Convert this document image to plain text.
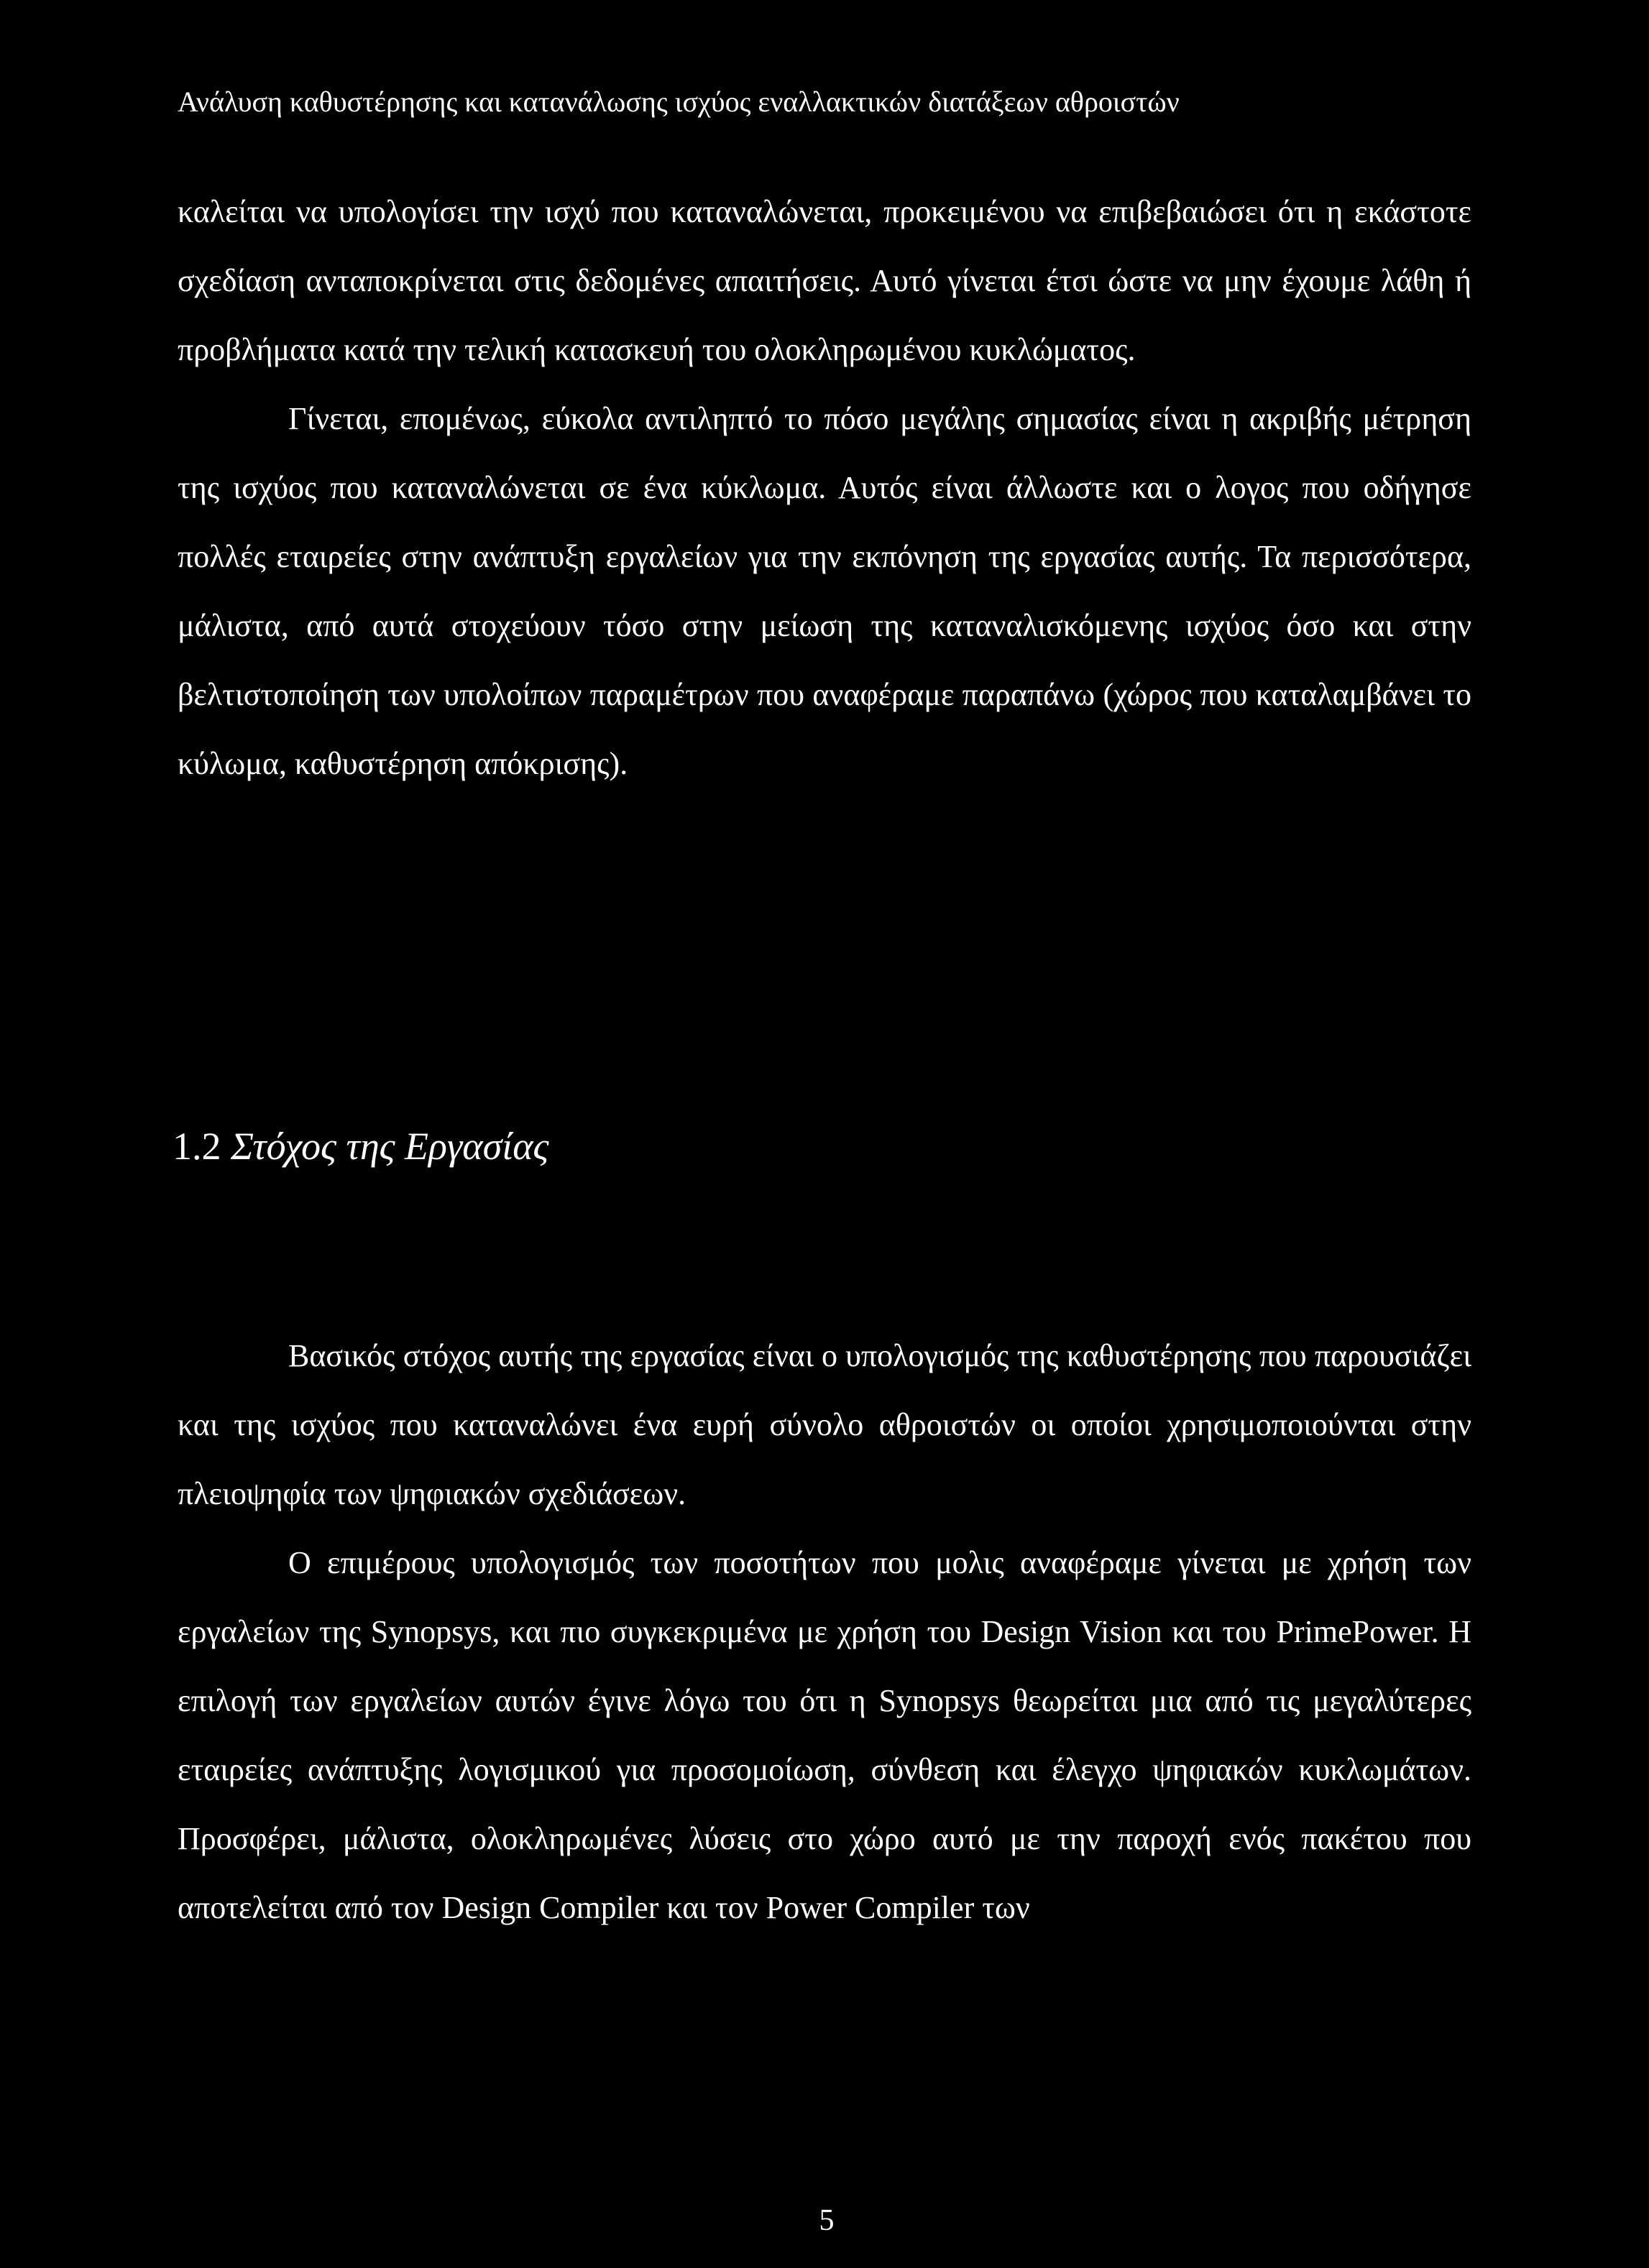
Ανάλυση καθυστέρησης και κατανάλωσης ισχύος εναλλακτικών διατάξεων αθροιστών

καλείται να υπολογίσει την ισχύ που καταναλώνεται, προκειμένου να επιβεβαιώσει ότι η εκάστοτε σχεδίαση ανταποκρίνεται στις δεδομένες απαιτήσεις. Αυτό γίνεται έτσι ώστε να μην έχουμε λάθη ή προβλήματα κατά την τελική κατασκευή του ολοκληρωμένου κυκλώματος.

Γίνεται, επομένως, εύκολα αντιληπτό το πόσο μεγάλης σημασίας είναι η ακριβής μέτρηση της ισχύος που καταναλώνεται σε ένα κύκλωμα. Αυτός είναι άλλωστε και ο λογος που οδήγησε πολλές εταιρείες στην ανάπτυξη εργαλείων για την εκπόνηση της εργασίας αυτής. Τα περισσότερα, μάλιστα, από αυτά στοχεύουν τόσο στην μείωση της καταναλισκόμενης ισχύος όσο και στην βελτιστοποίηση των υπολοίπων παραμέτρων που αναφέραμε παραπάνω (χώρος που καταλαμβάνει το κύλωμα, καθυστέρηση απόκρισης).

1.2 Στόχος της Εργασίας

Βασικός στόχος αυτής της εργασίας είναι ο υπολογισμός της καθυστέρησης που παρουσιάζει και της ισχύος που καταναλώνει ένα ευρή σύνολο αθροιστών οι οποίοι χρησιμοποιούνται στην πλειοψηφία των ψηφιακών σχεδιάσεων.

Ο επιμέρους υπολογισμός των ποσοτήτων που μολις αναφέραμε γίνεται με χρήση των εργαλείων της Synopsys, και πιο συγκεκριμένα με χρήση του Design Vision και του PrimePower. Η επιλογή των εργαλείων αυτών έγινε λόγω του ότι η Synopsys θεωρείται μια από τις μεγαλύτερες εταιρείες ανάπτυξης λογισμικού για προσομοίωση, σύνθεση και έλεγχο ψηφιακών κυκλωμάτων. Προσφέρει, μάλιστα, ολοκληρωμένες λύσεις στο χώρο αυτό με την παροχή ενός πακέτου που αποτελείται από τον Design Compiler και τον Power Compiler των

5
